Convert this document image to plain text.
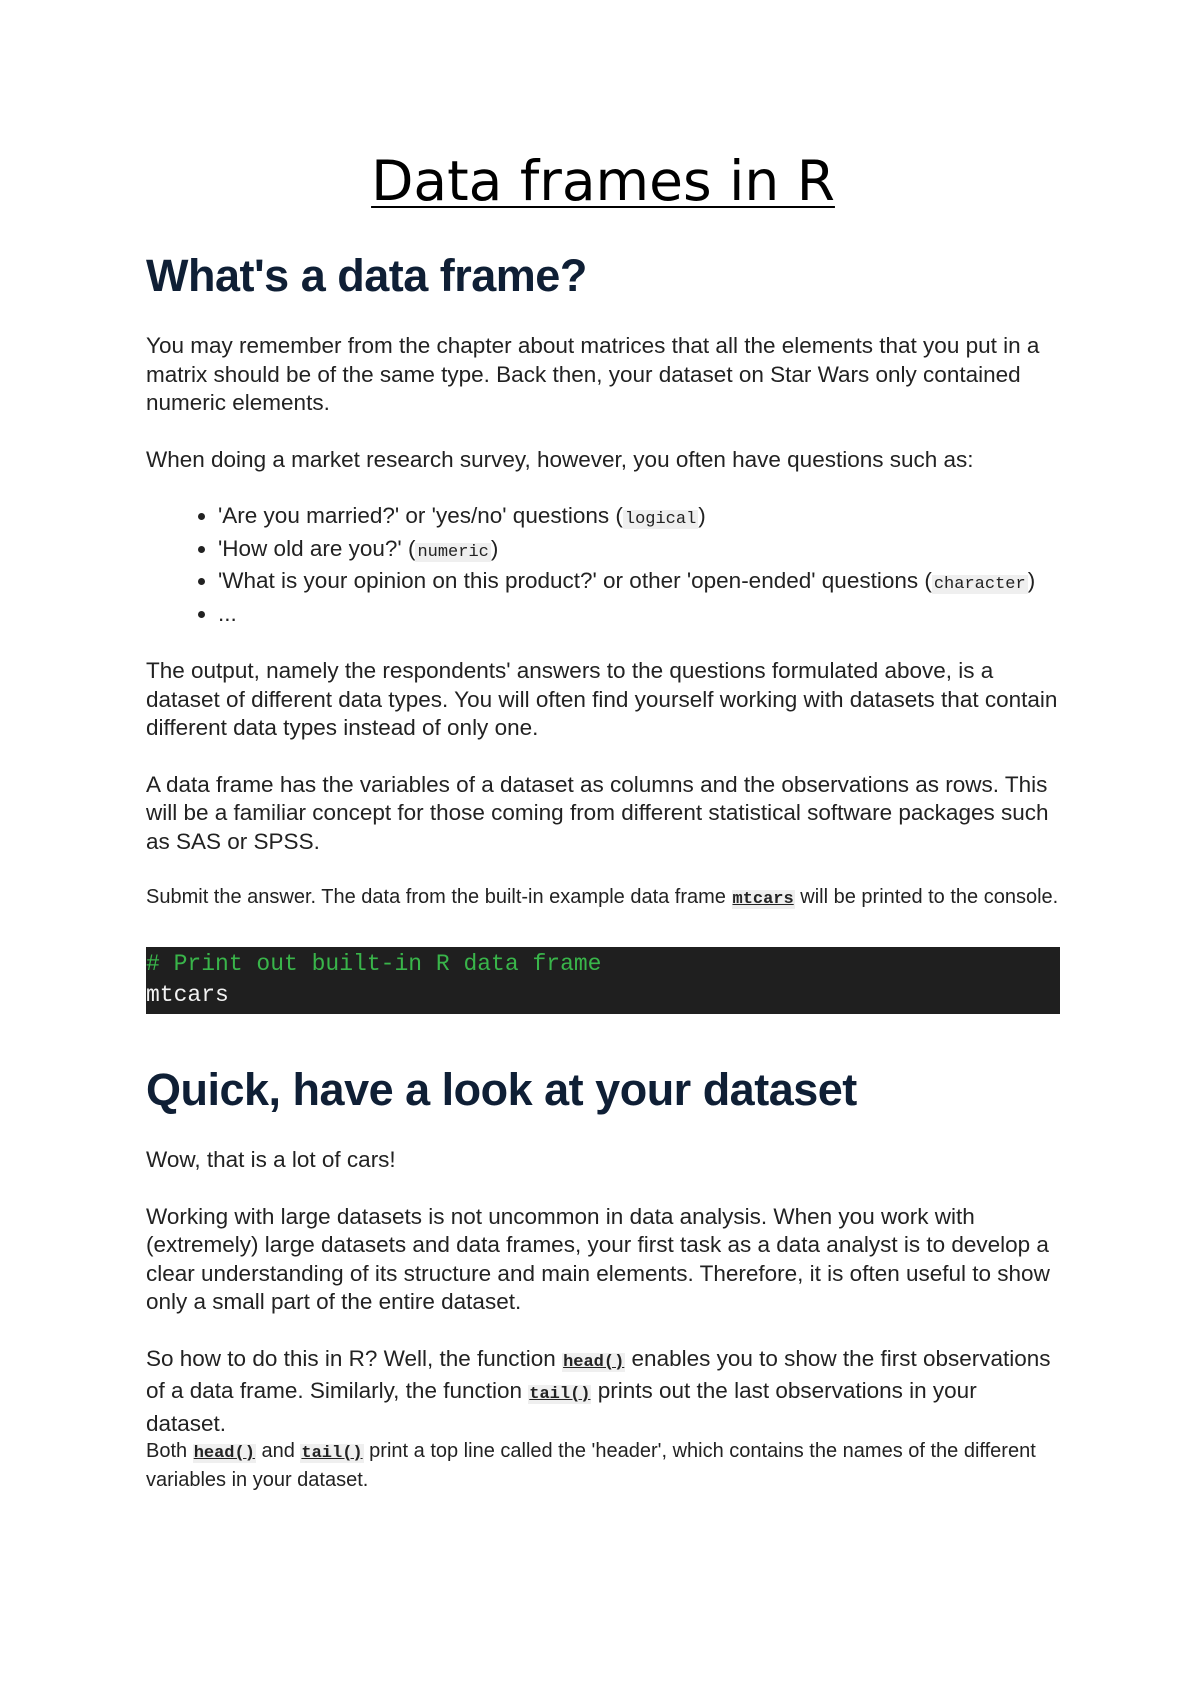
Data frames in R
What's a data frame?

You may remember from the chapter about matrices that all the elements that you put in a matrix should be of the same type. Back then, your dataset on Star Wars only contained numeric elements.

When doing a market research survey, however, you often have questions such as:

• 'Are you married?' or 'yes/no' questions ( logical)
• 'How old are you?' ( numeric)
• 'What is your opinion on this product?' or other 'open-ended' questions ( character)
• ...

The output, namely the respondents' answers to the questions formulated above, is a dataset of different data types. You will often find yourself working with datasets that contain different data types instead of only one.

A data frame has the variables of a dataset as columns and the observations as rows. This will be a familiar concept for those coming from different statistical software packages such as SAS or SPSS.

Submit the answer. The data from the built-in example data frame mtcars will be printed to the console.

# Print out built-in R data frame
mtcars
Quick, have a look at your dataset

Wow, that is a lot of cars!

Working with large datasets is not uncommon in data analysis. When you work with (extremely) large datasets and data frames, your first task as a data analyst is to develop a clear understanding of its structure and main elements. Therefore, it is often useful to show only a small part of the entire dataset.

So how to do this in R? Well, the function head() enables you to show the first observations of a data frame. Similarly, the function tail() prints out the last observations in your dataset.

Both head() and tail() print a top line called the 'header', which contains the names of the different variables in your dataset.
